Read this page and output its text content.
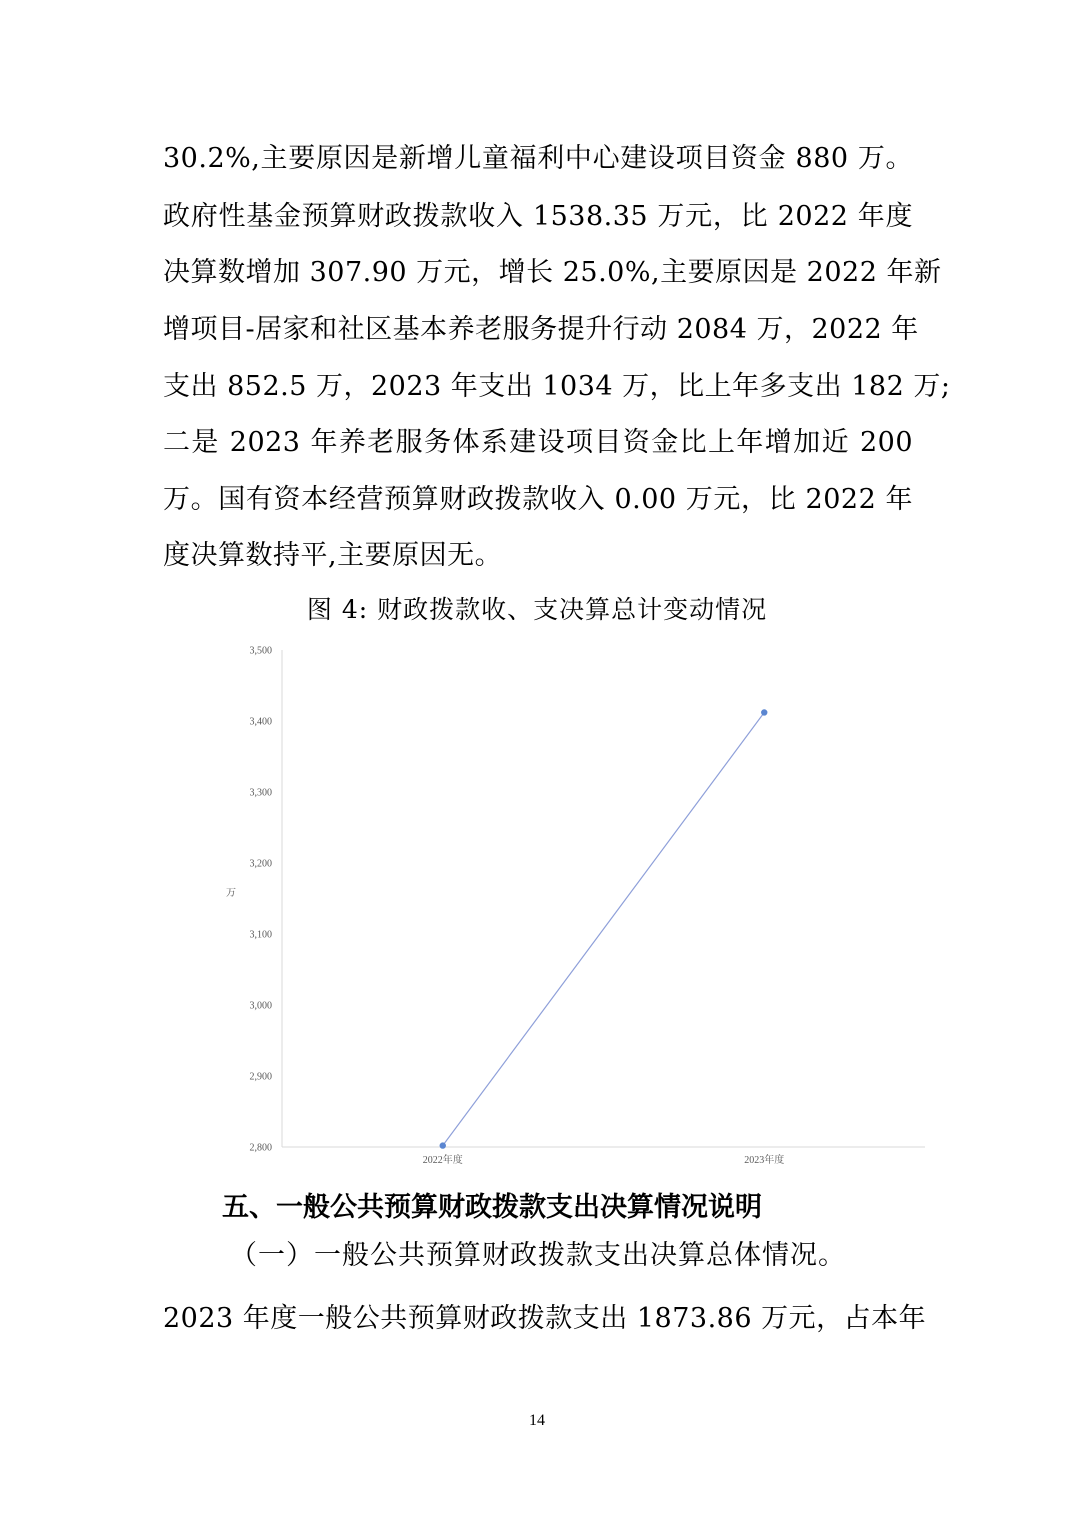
30.2%,主要原因是新增儿童福利中心建设项目资金 880 万。
政府性基金预算财政拨款收入 1538.35 万元，比 2022 年度
决算数增加 307.90 万元，增长 25.0%,主要原因是 2022 年新
增项目-居家和社区基本养老服务提升行动 2084 万，2022 年
支出 852.5 万，2023 年支出 1034 万，比上年多支出 182 万;
二是 2023 年养老服务体系建设项目资金比上年增加近 200
万。国有资本经营预算财政拨款收入 0.00 万元，比 2022 年
度决算数持平,主要原因无。
图 4: 财政拨款收、支决算总计变动情况
2,800
2,900
3,000
3,100
3,200
3,300
3,400
3,500
万
2022年度	2023年度
五、一般公共预算财政拨款支出决算情况说明
（一）一般公共预算财政拨款支出决算总体情况。
2023 年度一般公共预算财政拨款支出 1873.86 万元，占本年
14
